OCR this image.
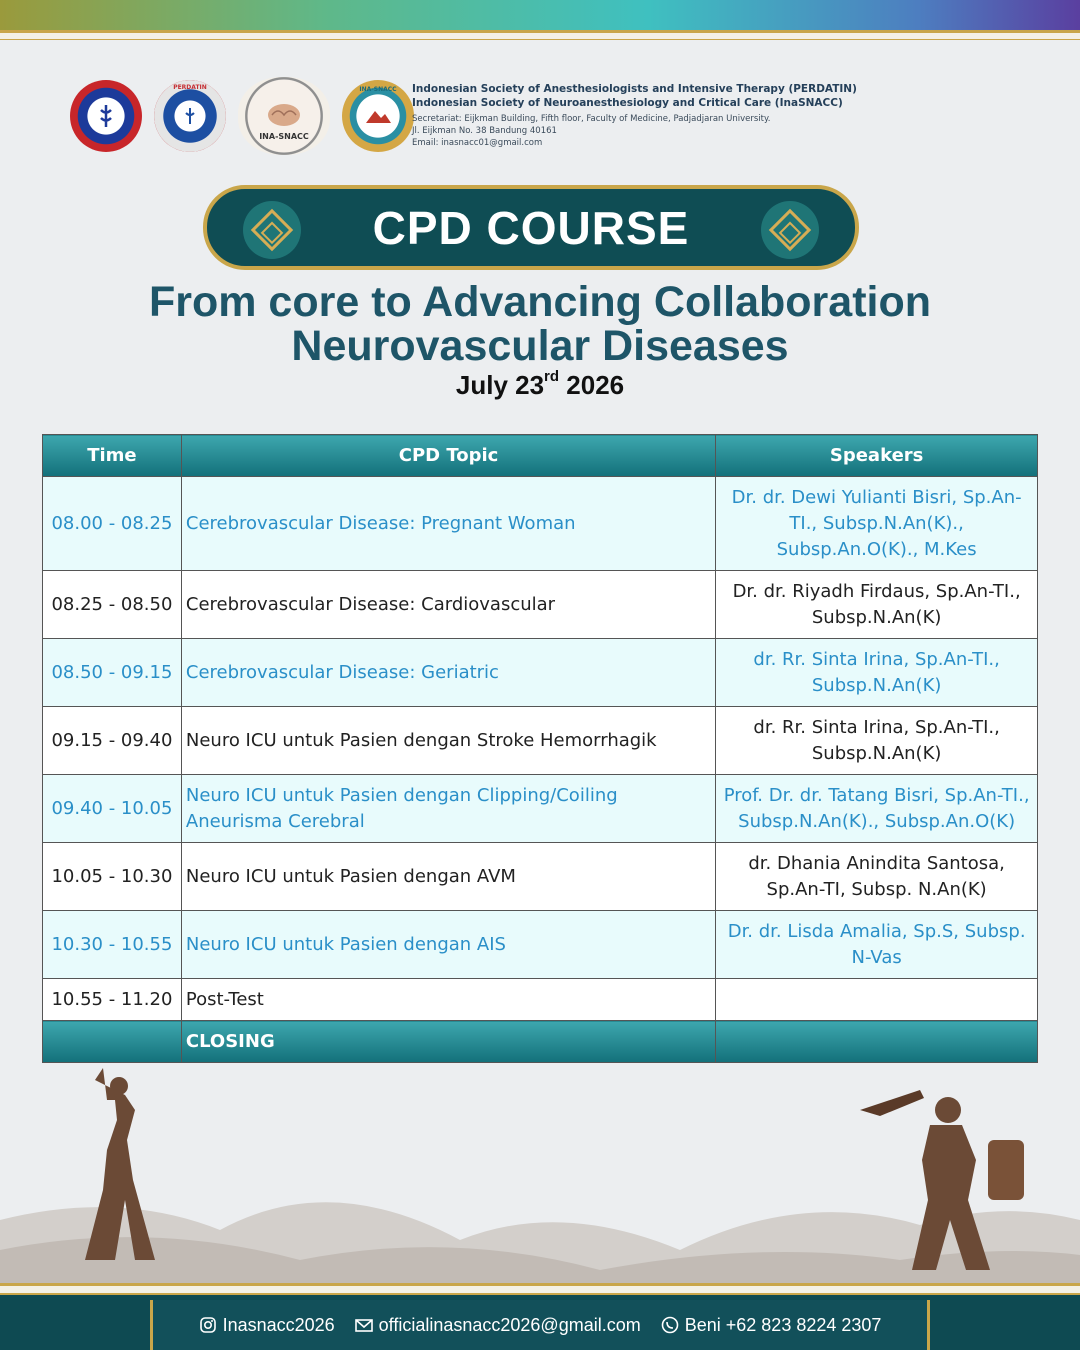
PERDATIN
INA-SNACC
INA-SNACC Indonesian Society of Anesthesiologists and Intensive Therapy (PERDATIN)
Indonesian Society of Neuroanesthesiology and Critical Care (InaSNACC)
Secretariat: Eijkman Building, Fifth floor, Faculty of Medicine, Padjadjaran University.
Jl. Eijkman No. 38 Bandung 40161
Email: inasnacc01@gmail.com
CPD COURSE
From core to Advancing Collaboration
Neurovascular Diseases
July 23rd 2026
Time	CPD Topic	Speakers
08.00 - 08.25	Cerebrovascular Disease: Pregnant Woman	Dr. dr. Dewi Yulianti Bisri, Sp.An-TI., Subsp.N.An(K)., Subsp.An.O(K)., M.Kes
08.25 - 08.50	Cerebrovascular Disease: Cardiovascular	Dr. dr. Riyadh Firdaus, Sp.An-TI., Subsp.N.An(K)
08.50 - 09.15	Cerebrovascular Disease: Geriatric	dr. Rr. Sinta Irina, Sp.An-TI., Subsp.N.An(K)
09.15 - 09.40	Neuro ICU untuk Pasien dengan Stroke Hemorrhagik	dr. Rr. Sinta Irina, Sp.An-TI., Subsp.N.An(K)
09.40 - 10.05	Neuro ICU untuk Pasien dengan Clipping/Coiling Aneurisma Cerebral	Prof. Dr. dr. Tatang Bisri, Sp.An-TI., Subsp.N.An(K)., Subsp.An.O(K)
10.05 - 10.30	Neuro ICU untuk Pasien dengan AVM	dr. Dhania Anindita Santosa, Sp.An-TI, Subsp. N.An(K)
10.30 - 10.55	Neuro ICU untuk Pasien dengan AIS	Dr. dr. Lisda Amalia, Sp.S, Subsp. N-Vas
10.55 - 11.20	Post-Test	
	CLOSING	
Inasnacc2026 officialinasnacc2026@gmail.com Beni +62 823 8224 2307
